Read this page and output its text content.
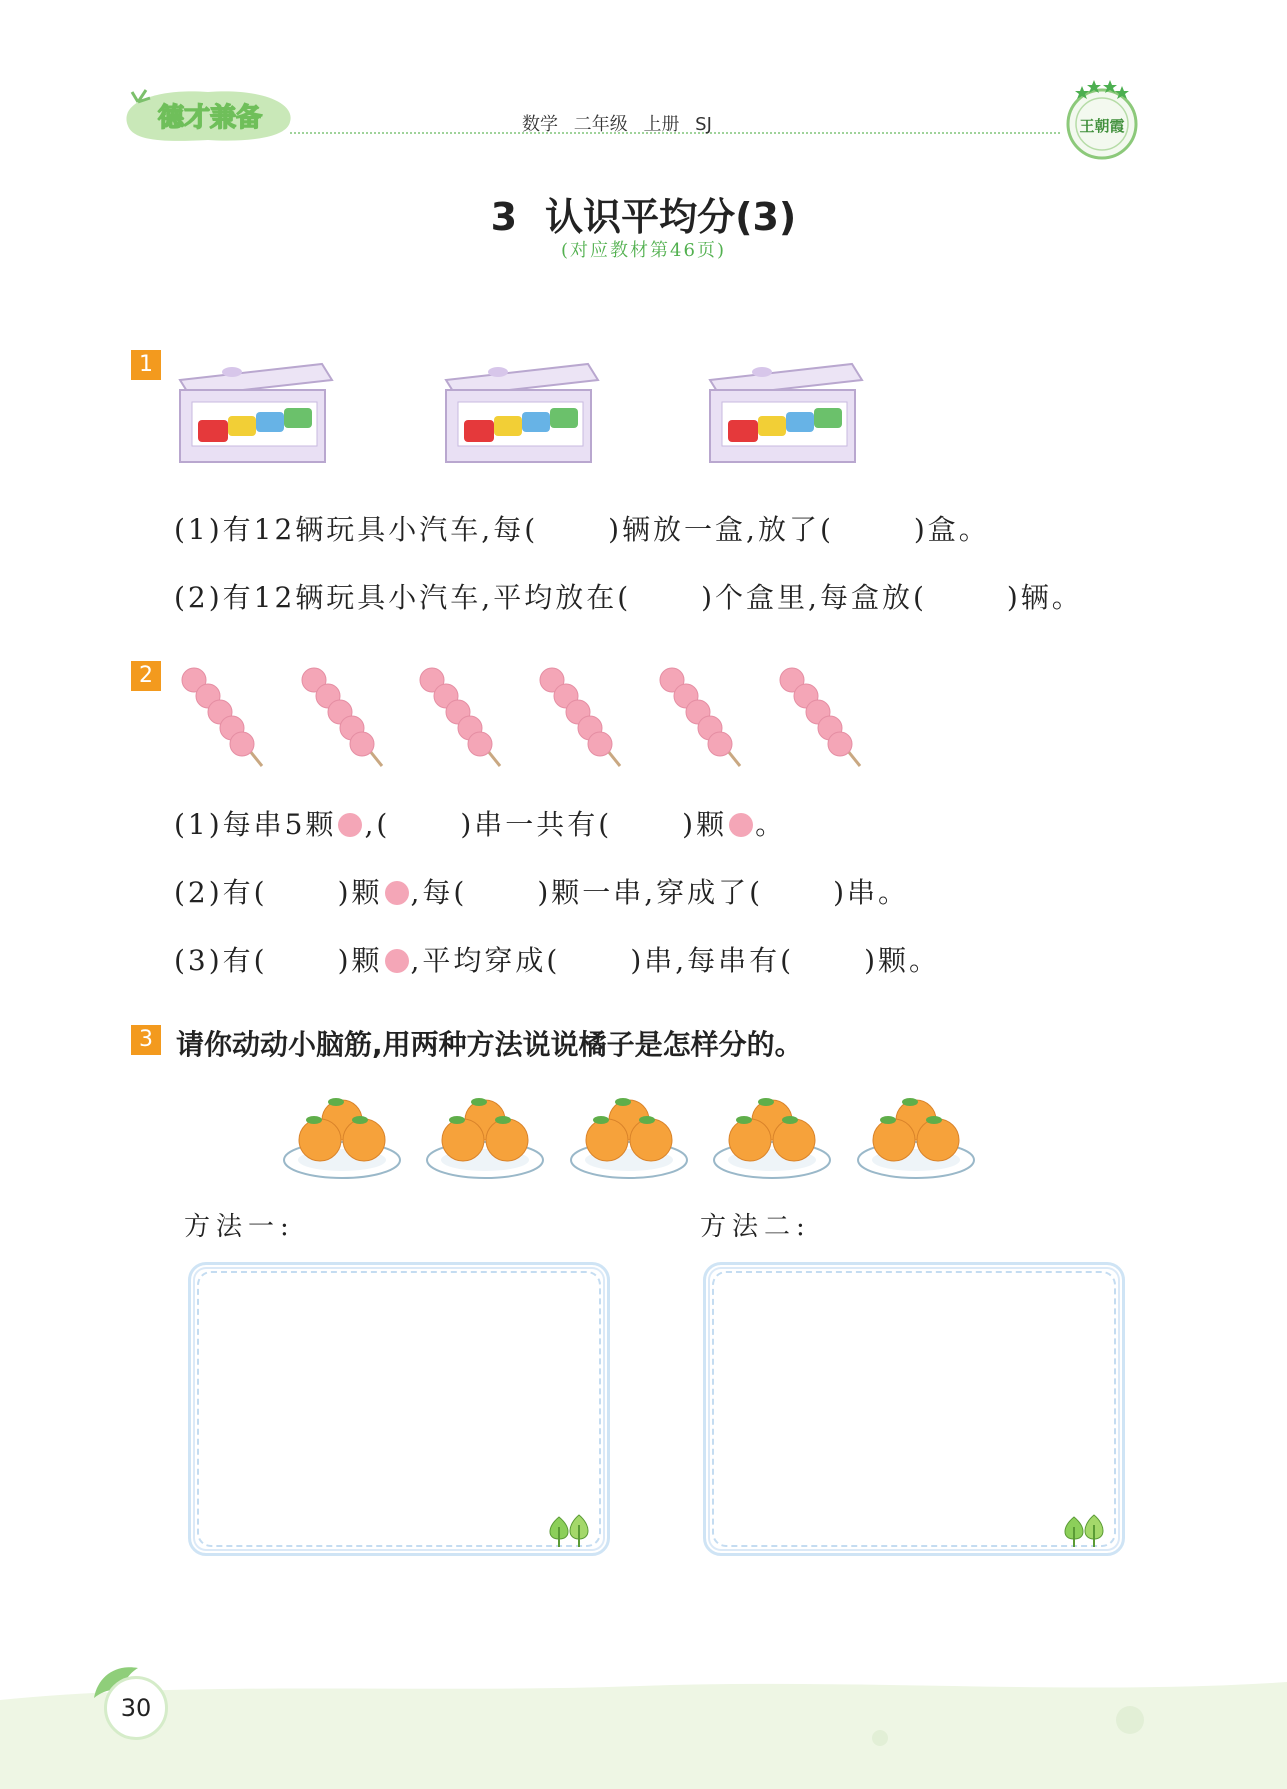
德才兼备	数学 二年级 上册 SJ	王朝霞
3 认识平均分(3)
(对应教材第46页)
1
(1)有12辆玩具小汽车,每(	)辆放一盒,放了(	)盒。
(2)有12辆玩具小汽车,平均放在(	)个盒里,每盒放(	)辆。
2
(1)每串5颗 ,(	)串一共有(	)颗 。
(2)有(	)颗 ,每(	)颗一串,穿成了(	)串。
(3)有(	)颗 ,平均穿成(	)串,每串有(	)颗。
3 请你动动小脑筋,用两种方法说说橘子是怎样分的。
方法一:	方法二:
30
